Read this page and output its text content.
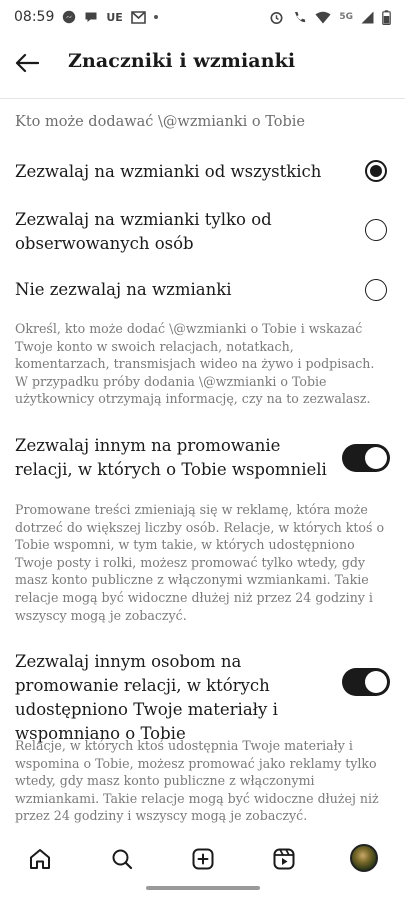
08:59	UE	5G
Znaczniki i wzmianki
Kto może dodawać \@wzmianki o Tobie
Zezwalaj na wzmianki od wszystkich
Zezwalaj na wzmianki tylko od obserwowanych osób
Nie zezwalaj na wzmianki
Określ, kto może dodać \@wzmianki o Tobie i wskazać Twoje konto w swoich relacjach, notatkach, komentarzach, transmisjach wideo na żywo i podpisach. W przypadku próby dodania \@wzmianki o Tobie użytkownicy otrzymają informację, czy na to zezwalasz.
Zezwalaj innym na promowanie relacji, w których o Tobie wspomnieli
Promowane treści zmieniają się w reklamę, która może dotrzeć do większej liczby osób. Relacje, w których ktoś o Tobie wspomni, w tym takie, w których udostępniono Twoje posty i rolki, możesz promować tylko wtedy, gdy masz konto publiczne z włączonymi wzmiankami. Takie relacje mogą być widoczne dłużej niż przez 24 godziny i wszyscy mogą je zobaczyć.
Zezwalaj innym osobom na promowanie relacji, w których udostępniono Twoje materiały i wspomniano o Tobie
Relacje, w których ktoś udostępnia Twoje materiały i wspomina o Tobie, możesz promować jako reklamy tylko wtedy, gdy masz konto publiczne z włączonymi wzmiankami. Takie relacje mogą być widoczne dłużej niż przez 24 godziny i wszyscy mogą je zobaczyć.
